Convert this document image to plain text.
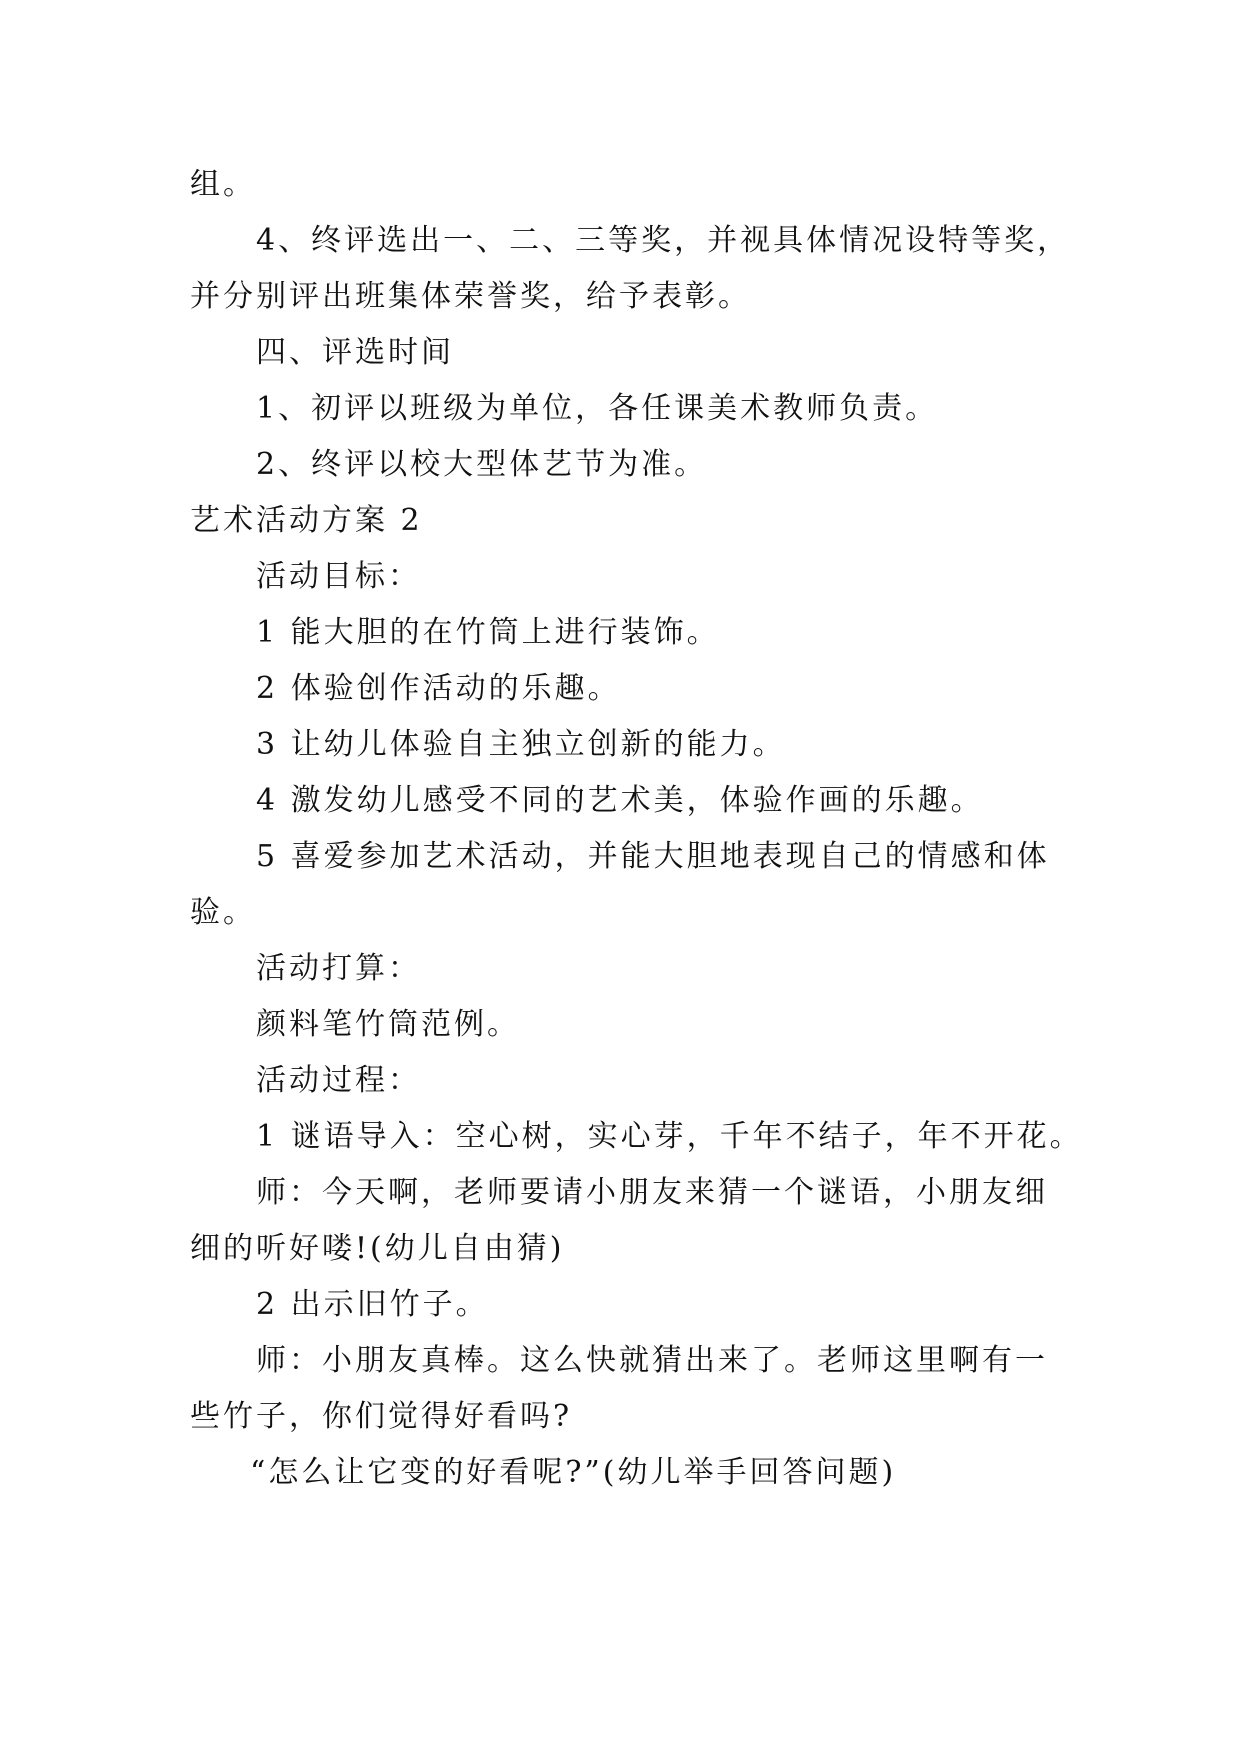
组。
4、终评选出一、二、三等奖，并视具体情况设特等奖，
并分别评出班集体荣誉奖，给予表彰。
四、评选时间
1、初评以班级为单位，各任课美术教师负责。
2、终评以校大型体艺节为准。
艺术活动方案 2
活动目标：
1 能大胆的在竹筒上进行装饰。
2 体验创作活动的乐趣。
3 让幼儿体验自主独立创新的能力。
4 激发幼儿感受不同的艺术美，体验作画的乐趣。
5 喜爱参加艺术活动，并能大胆地表现自己的情感和体
验。
活动打算：
颜料笔竹筒范例。
活动过程：
1 谜语导入：空心树，实心芽，千年不结子，年不开花。
师：今天啊，老师要请小朋友来猜一个谜语，小朋友细
细的听好喽!(幼儿自由猜)
2 出示旧竹子。
师：小朋友真棒。这么快就猜出来了。老师这里啊有一
些竹子，你们觉得好看吗?
“怎么让它变的好看呢?”(幼儿举手回答问题)
